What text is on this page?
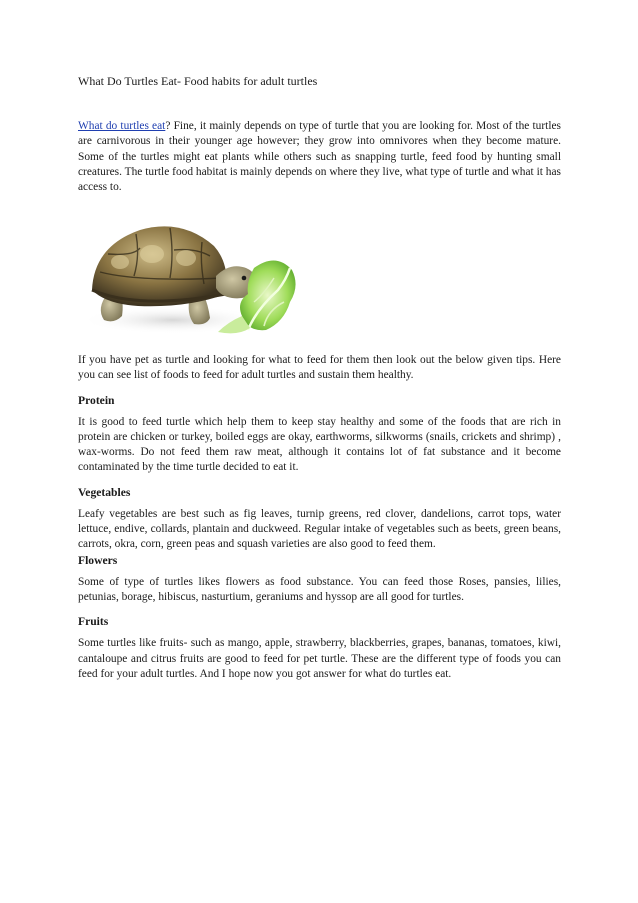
What Do Turtles Eat- Food habits for adult turtles

What do turtles eat? Fine, it mainly depends on type of turtle that you are looking for. Most of the turtles are carnivorous in their younger age however; they grow into omnivores when they become mature. Some of the turtles might eat plants while others such as snapping turtle, feed food by hunting small creatures. The turtle food habitat is mainly depends on where they live, what type of turtle and what it has access to.

If you have pet as turtle and looking for what to feed for them then look out the below given tips. Here you can see list of foods to feed for adult turtles and sustain them healthy.

Protein

It is good to feed turtle which help them to keep stay healthy and some of the foods that are rich in protein are chicken or turkey, boiled eggs are okay, earthworms, silkworms (snails, crickets and shrimp) , wax-worms. Do not feed them raw meat, although it contains lot of fat substance and it become contaminated by the time turtle decided to eat it.

Vegetables

Leafy vegetables are best such as fig leaves, turnip greens, red clover, dandelions, carrot tops, water lettuce, endive, collards, plantain and duckweed. Regular intake of vegetables such as beets, green beans, carrots, okra, corn, green peas and squash varieties are also good to feed them.

Flowers

Some of type of turtles likes flowers as food substance. You can feed those Roses, pansies, lilies, petunias, borage, hibiscus, nasturtium, geraniums and hyssop are all good for turtles.

Fruits

Some turtles like fruits- such as mango, apple, strawberry, blackberries, grapes, bananas, tomatoes, kiwi, cantaloupe and citrus fruits are good to feed for pet turtle. These are the different type of foods you can feed for your adult turtles. And I hope now you got answer for what do turtles eat.
